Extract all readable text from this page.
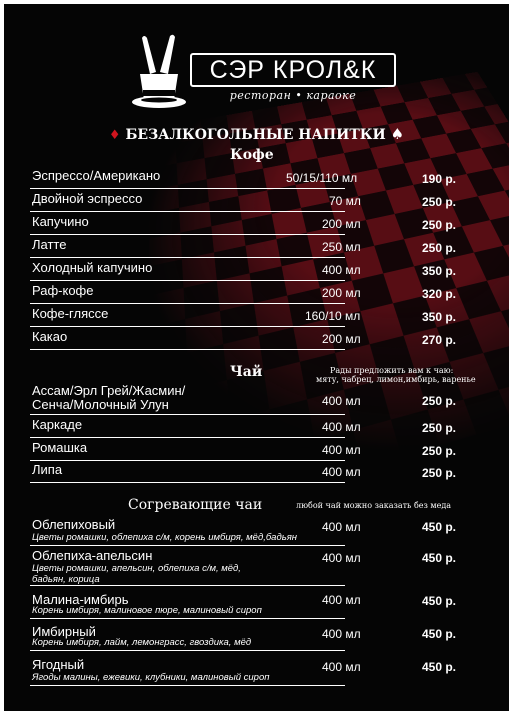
СЭР КРОЛ&К
ресторан • караоке
♦ БЕЗАЛКОГОЛЬНЫЕ НАПИТКИ ♠
Кофе
Эспрессо/Американо	50/15/110 мл	190 р.
Двойной эспрессо	70 мл	250 р.
Капучино	200 мл	250 р.
Латте	250 мл	250 р.
Холодный капучино	400 мл	350 р.
Раф-кофе	200 мл	320 р.
Кофе-гляссе	160/10 мл	350 р.
Какао	200 мл	270 р.
Чай	Рады предложить вам к чаю:
мяту, чабрец, лимон,имбирь, варенье
Ассам/Эрл Грей/Жасмин/
Сенча/Молочный Улун	400 мл	250 р.
Каркаде	400 мл	250 р.
Ромашка	400 мл	250 р.
Липа	400 мл	250 р.
Согревающие чаи	любой чай можно заказать без меда
Облепиховый
Цветы ромашки, облепиха с/м, корень имбиря, мёд,бадьян
400 мл	450 р.
Облепиха-апельсин
Цветы ромашки, апельсин, облепиха с/м, мёд,
бадьян, корица
400 мл	450 р.
Малина-имбирь
Корень имбиря, малиновое пюре, малиновый сироп
400 мл	450 р.
Имбирный
Корень имбиря, лайм, лемонграсс, гвоздика, мёд
400 мл	450 р.
Ягодный
Ягоды малины, ежевики, клубники, малиновый сироп
400 мл	450 р.
